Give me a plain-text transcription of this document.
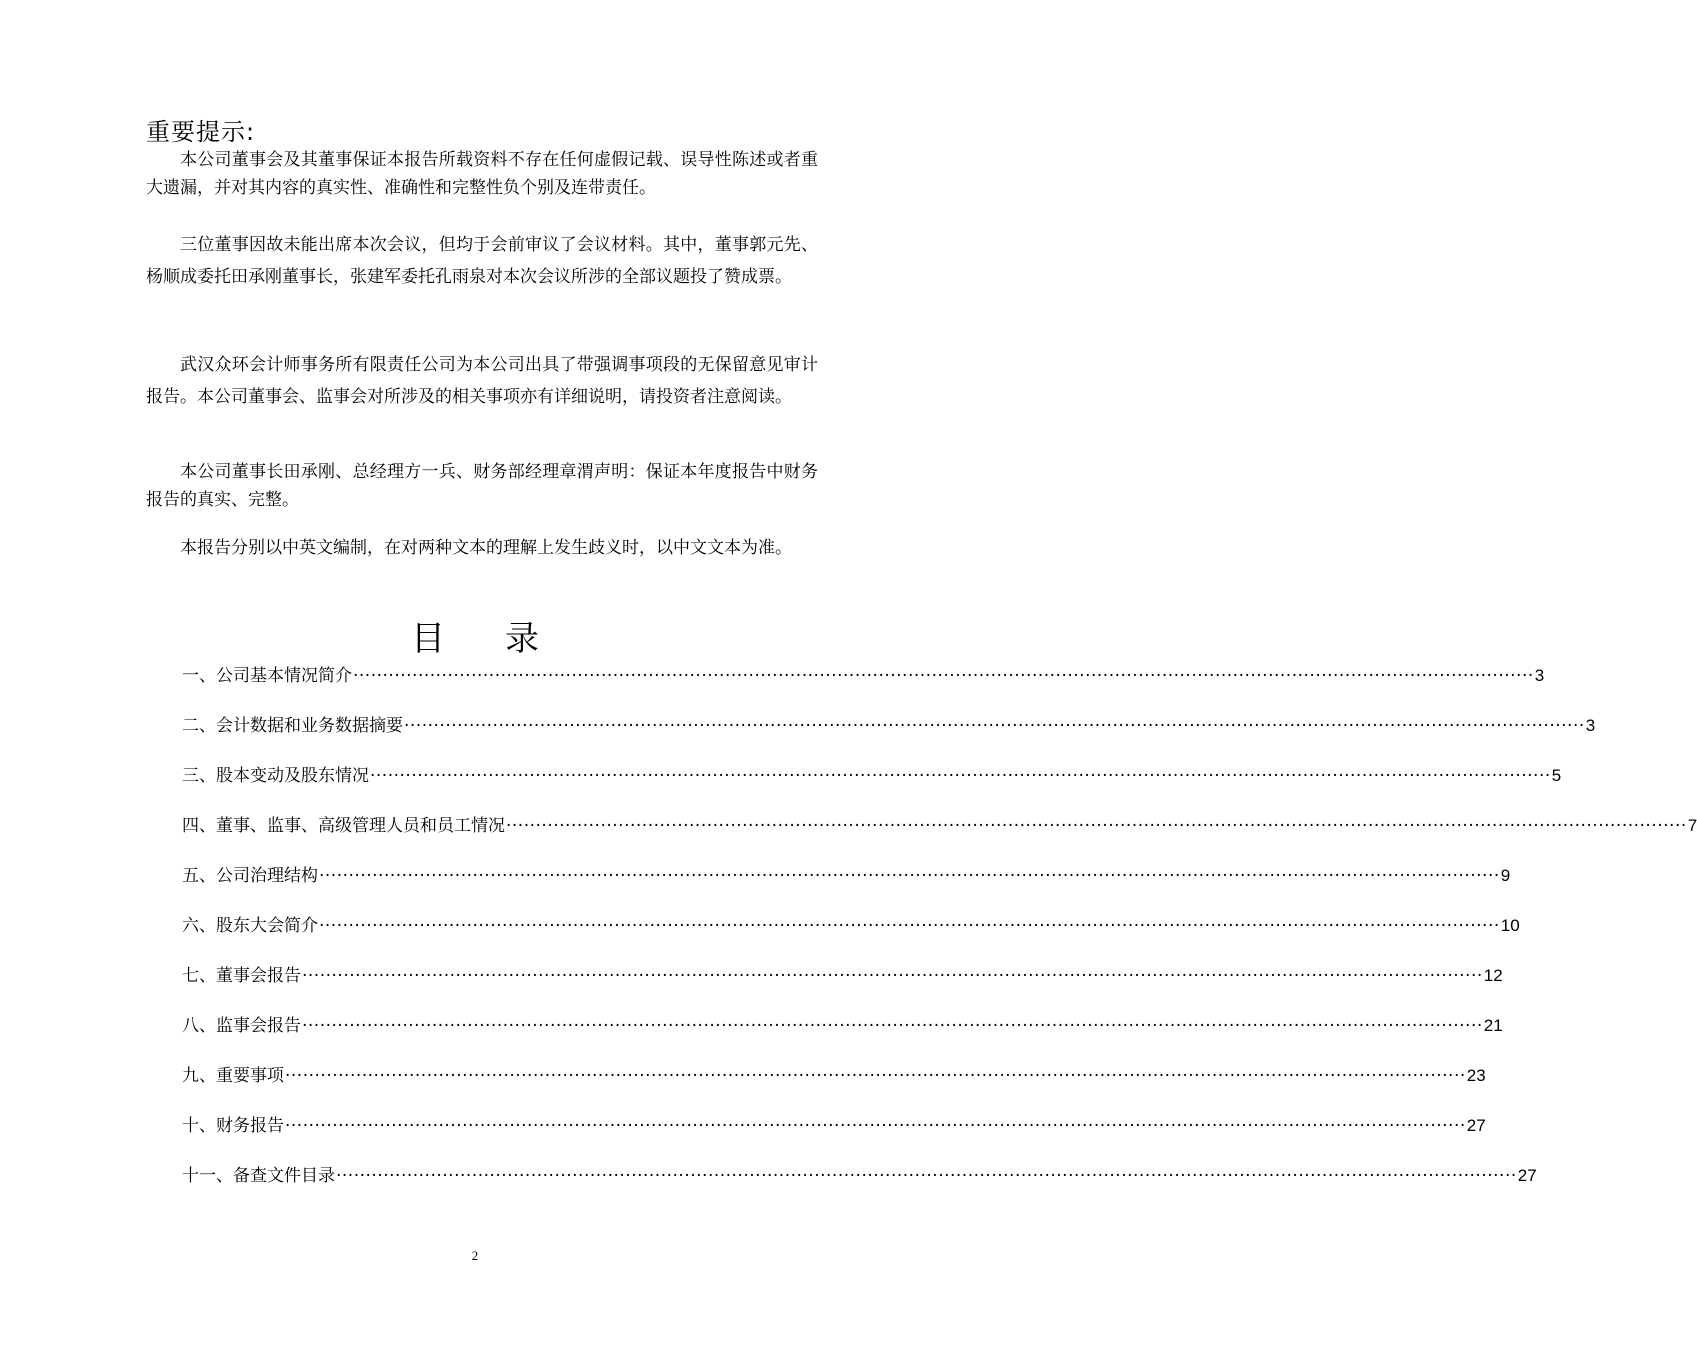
重要提示:

本公司董事会及其董事保证本报告所载资料不存在任何虚假记载、误导性陈述或者重大遗漏，并对其内容的真实性、准确性和完整性负个别及连带责任。

三位董事因故未能出席本次会议，但均于会前审议了会议材料。其中，董事郭元先、杨顺成委托田承刚董事长，张建军委托孔雨泉对本次会议所涉的全部议题投了赞成票。

武汉众环会计师事务所有限责任公司为本公司出具了带强调事项段的无保留意见审计报告。本公司董事会、监事会对所涉及的相关事项亦有详细说明，请投资者注意阅读。

本公司董事长田承刚、总经理方一兵、财务部经理章渭声明：保证本年度报告中财务报告的真实、完整。

本报告分别以中英文编制，在对两种文本的理解上发生歧义时，以中文文本为准。

目录
一、公司基本情况简介 ········································································································································································································ 3
二、会计数据和业务数据摘要 ········································································································································································································ 3
三、股本变动及股东情况 ········································································································································································································ 5
四、董事、监事、高级管理人员和员工情况 ········································································································································································································ 7
五、公司治理结构 ········································································································································································································ 9
六、股东大会简介 ········································································································································································································ 10
七、董事会报告 ········································································································································································································ 12
八、监事会报告 ········································································································································································································ 21
九、重要事项 ········································································································································································································ 23
十、财务报告 ········································································································································································································ 27
十一、备查文件目录 ········································································································································································································ 27
2
